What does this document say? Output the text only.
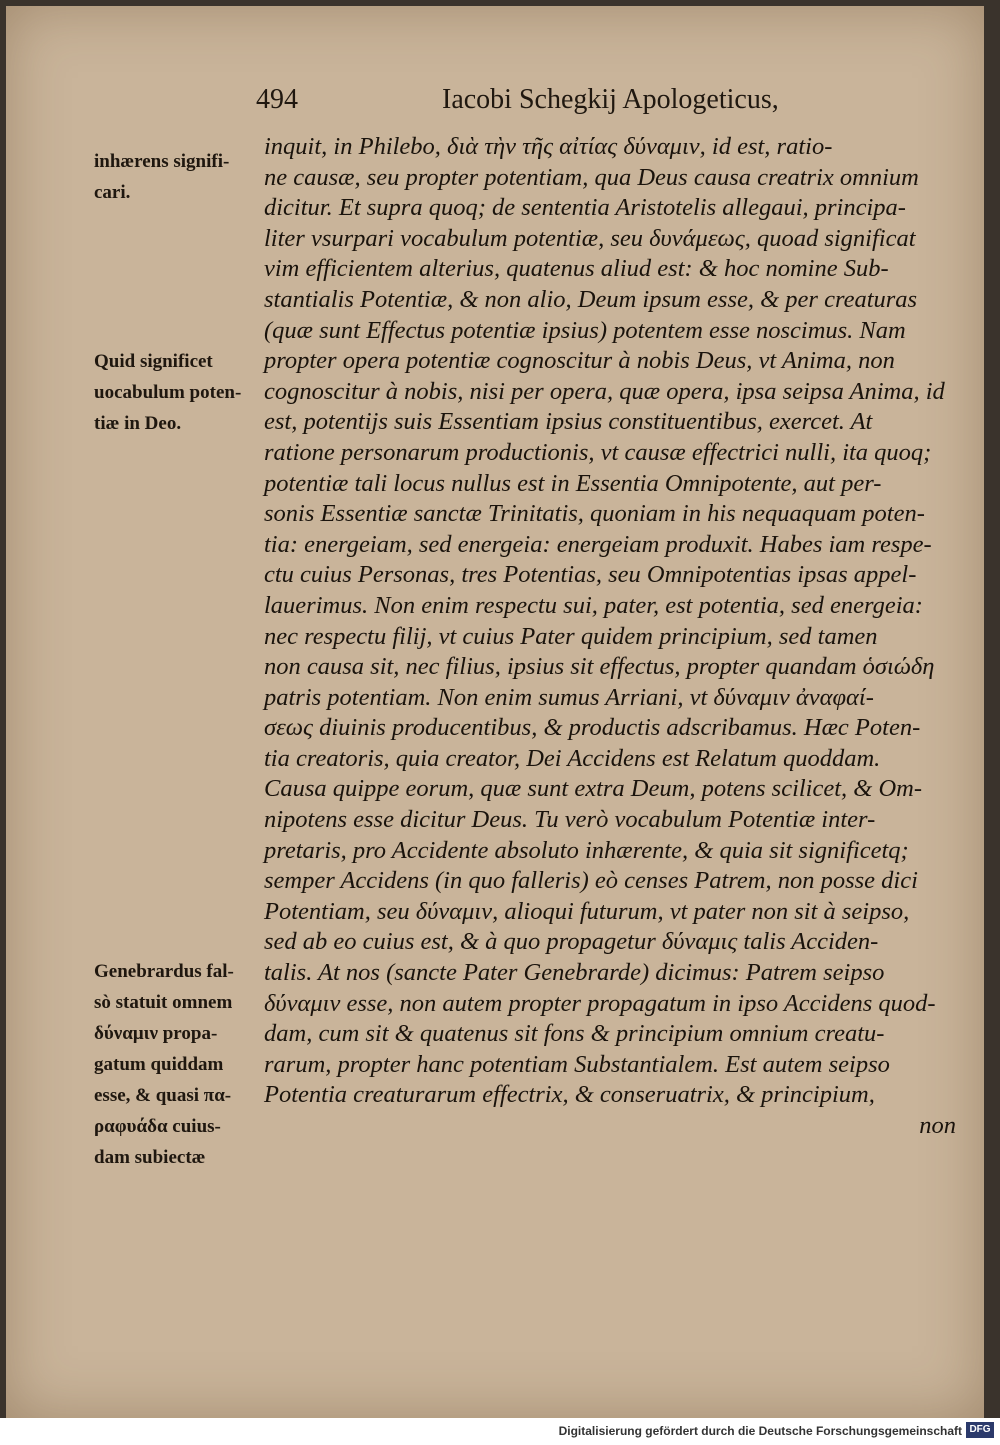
494	Iacobi Schegkij Apologeticus,
inhærens signifi-
cari.
Quid significet
uocabulum poten-
tiæ in Deo.
Genebrardus fal-
sò statuit omnem
δύναμιν propa-
gatum quiddam
esse, & quasi πα-
ραφυάδα cuius-
dam subiectæ
inquit, in Philebo, διὰ τὴν τῆς αἰτίας δύναμιν, id est, ratio-
ne causæ, seu propter potentiam, qua Deus causa creatrix omnium
dicitur. Et supra quoq; de sententia Aristotelis allegaui, principa-
liter vsurpari vocabulum potentiæ, seu δυνάμεως, quoad significat
vim efficientem alterius, quatenus aliud est: & hoc nomine Sub-
stantialis Potentiæ, & non alio, Deum ipsum esse, & per creaturas
(quæ sunt Effectus potentiæ ipsius) potentem esse noscimus. Nam
propter opera potentiæ cognoscitur à nobis Deus, vt Anima, non
cognoscitur à nobis, nisi per opera, quæ opera, ipsa seipsa Anima, id
est, potentijs suis Essentiam ipsius constituentibus, exercet. At
ratione personarum productionis, vt causæ effectrici nulli, ita quoq;
potentiæ tali locus nullus est in Essentia Omnipotente, aut per-
sonis Essentiæ sanctæ Trinitatis, quoniam in his nequaquam poten-
tia: energeiam, sed energeia: energeiam produxit. Habes iam respe-
ctu cuius Personas, tres Potentias, seu Omnipotentias ipsas appel-
lauerimus. Non enim respectu sui, pater, est potentia, sed energeia:
nec respectu filij, vt cuius Pater quidem principium, sed tamen
non causa sit, nec filius, ipsius sit effectus, propter quandam ὁσιώδη
patris potentiam. Non enim sumus Arriani, vt δύναμιν ἀναφαί-
σεως diuinis producentibus, & productis adscribamus. Hæc Poten-
tia creatoris, quia creator, Dei Accidens est Relatum quoddam.
Causa quippe eorum, quæ sunt extra Deum, potens scilicet, & Om-
nipotens esse dicitur Deus. Tu verò vocabulum Potentiæ inter-
pretaris, pro Accidente absoluto inhærente, & quia sit significetq;
semper Accidens (in quo falleris) eò censes Patrem, non posse dici
Potentiam, seu δύναμιν, alioqui futurum, vt pater non sit à seipso,
sed ab eo cuius est, & à quo propagetur δύναμις talis Acciden-
talis. At nos (sancte Pater Genebrarde) dicimus: Patrem seipso
δύναμιν esse, non autem propter propagatum in ipso Accidens quod-
dam, cum sit & quatenus sit fons & principium omnium creatu-
rarum, propter hanc potentiam Substantialem. Est autem seipso
Potentia creaturarum effectrix, & conseruatrix, & principium,
non
Digitalisierung gefördert durch die Deutsche Forschungsgemeinschaft DFG
